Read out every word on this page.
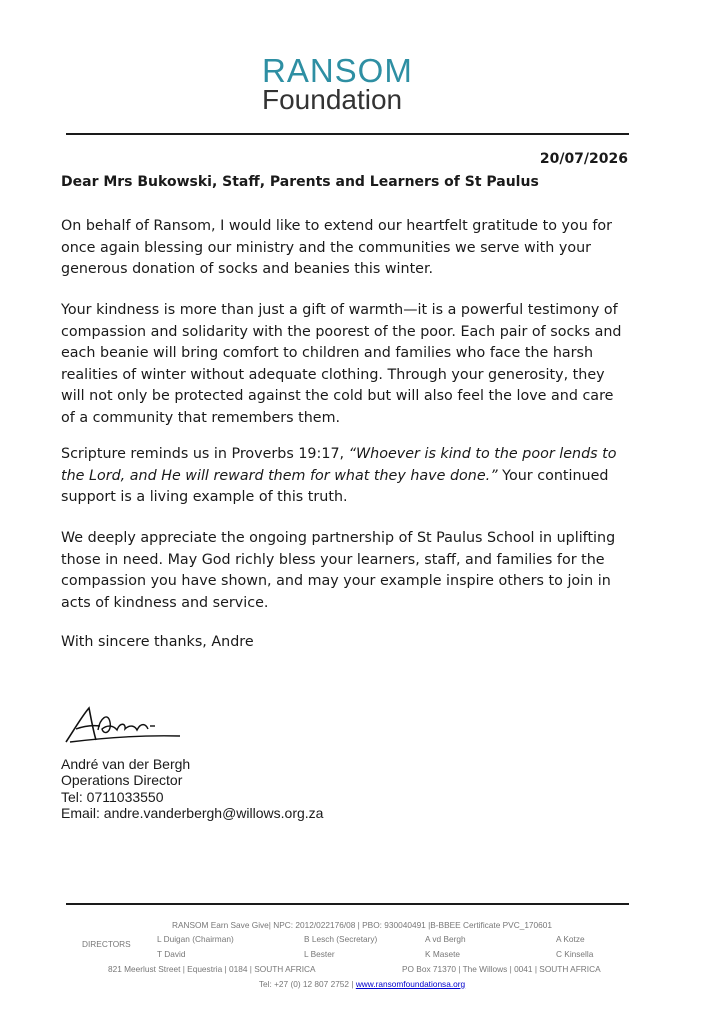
RANSOM
Foundation
20/07/2026
Dear Mrs Bukowski, Staff, Parents and Learners of St Paulus
On behalf of Ransom, I would like to extend our heartfelt gratitude to you for once again blessing our ministry and the communities we serve with your generous donation of socks and beanies this winter.
Your kindness is more than just a gift of warmth—it is a powerful testimony of compassion and solidarity with the poorest of the poor. Each pair of socks and each beanie will bring comfort to children and families who face the harsh realities of winter without adequate clothing. Through your generosity, they will not only be protected against the cold but will also feel the love and care of a community that remembers them.
Scripture reminds us in Proverbs 19:17, “Whoever is kind to the poor lends to the Lord, and He will reward them for what they have done.” Your continued support is a living example of this truth.
We deeply appreciate the ongoing partnership of St Paulus School in uplifting those in need. May God richly bless your learners, staff, and families for the compassion you have shown, and may your example inspire others to join in acts of kindness and service.
With sincere thanks, Andre
André van der Bergh
Operations Director
Tel: 0711033550
Email: andre.vanderbergh@willows.org.za
RANSOM Earn Save Give| NPC: 2012/022176/08 | PBO: 930040491 |B-BBEE Certificate PVC_170601
DIRECTORS	L Duigan (Chairman)	B Lesch (Secretary)	A vd Bergh	A Kotze
T David	L Bester	K Masete	C Kinsella
821 Meerlust Street | Equestria | 0184 | SOUTH AFRICA	PO Box 71370 | The Willows | 0041 | SOUTH AFRICA
Tel: +27 (0) 12 807 2752 | www.ransomfoundationsa.org
